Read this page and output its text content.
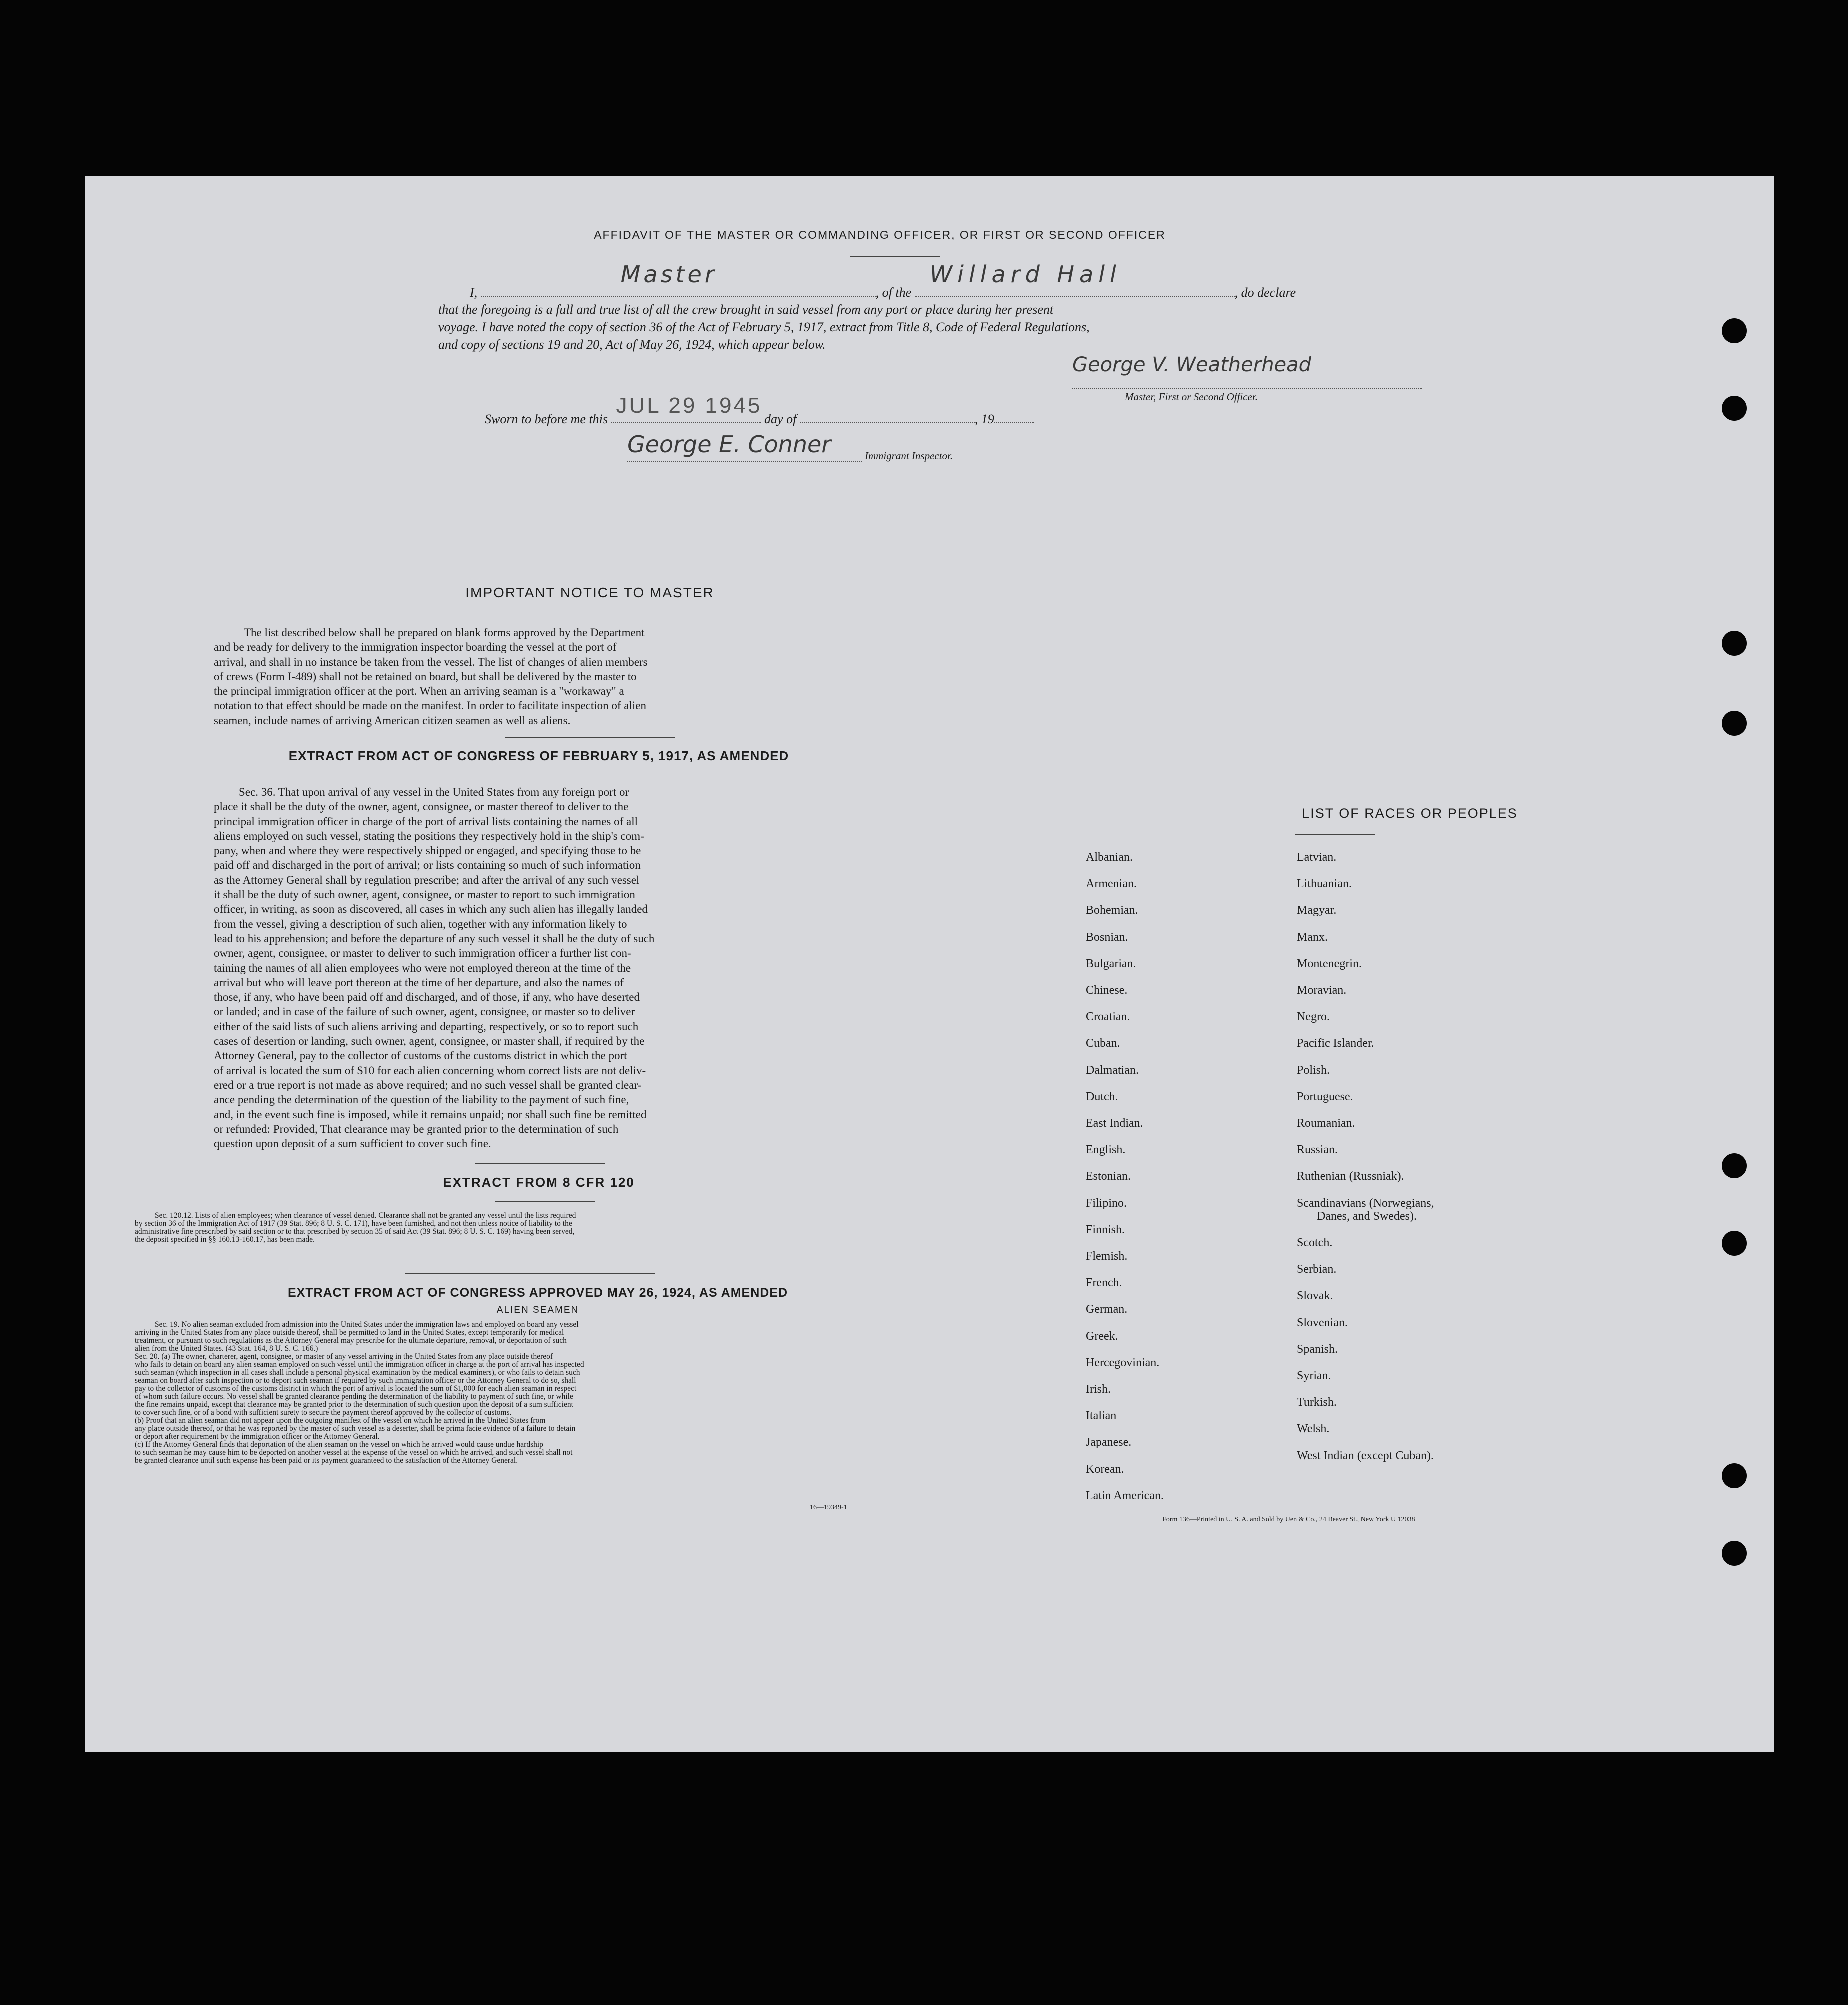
AFFIDAVIT OF THE MASTER OR COMMANDING OFFICER, OR FIRST OR SECOND OFFICER
I,
Master
, of the
Willard Hall
, do declare
that the foregoing is a full and true list of all the crew brought in said vessel from any port or place during her present
voyage. I have noted the copy of section 36 of the Act of February 5, 1917, extract from Title 8, Code of Federal Regulations,
and copy of sections 19 and 20, Act of May 26, 1924, which appear below.
George V. Weatherhead
Master, First or Second Officer.
Sworn to before me this
JUL 29 1945
day of	, 19
George E. Conner	Immigrant Inspector.
IMPORTANT NOTICE TO MASTER
The list described below shall be prepared on blank forms approved by the Department
and be ready for delivery to the immigration inspector boarding the vessel at the port of
arrival, and shall in no instance be taken from the vessel. The list of changes of alien members
of crews (Form I-489) shall not be retained on board, but shall be delivered by the master to
the principal immigration officer at the port. When an arriving seaman is a "workaway" a
notation to that effect should be made on the manifest. In order to facilitate inspection of alien
seamen, include names of arriving American citizen seamen as well as aliens.
EXTRACT FROM ACT OF CONGRESS OF FEBRUARY 5, 1917, AS AMENDED
Sec. 36. That upon arrival of any vessel in the United States from any foreign port or
place it shall be the duty of the owner, agent, consignee, or master thereof to deliver to the
principal immigration officer in charge of the port of arrival lists containing the names of all
aliens employed on such vessel, stating the positions they respectively hold in the ship's com-
pany, when and where they were respectively shipped or engaged, and specifying those to be
paid off and discharged in the port of arrival; or lists containing so much of such information
as the Attorney General shall by regulation prescribe; and after the arrival of any such vessel
it shall be the duty of such owner, agent, consignee, or master to report to such immigration
officer, in writing, as soon as discovered, all cases in which any such alien has illegally landed
from the vessel, giving a description of such alien, together with any information likely to
lead to his apprehension; and before the departure of any such vessel it shall be the duty of such
owner, agent, consignee, or master to deliver to such immigration officer a further list con-
taining the names of all alien employees who were not employed thereon at the time of the
arrival but who will leave port thereon at the time of her departure, and also the names of
those, if any, who have been paid off and discharged, and of those, if any, who have deserted
or landed; and in case of the failure of such owner, agent, consignee, or master so to deliver
either of the said lists of such aliens arriving and departing, respectively, or so to report such
cases of desertion or landing, such owner, agent, consignee, or master shall, if required by the
Attorney General, pay to the collector of customs of the customs district in which the port
of arrival is located the sum of $10 for each alien concerning whom correct lists are not deliv-
ered or a true report is not made as above required; and no such vessel shall be granted clear-
ance pending the determination of the question of the liability to the payment of such fine,
and, in the event such fine is imposed, while it remains unpaid; nor shall such fine be remitted
or refunded: Provided, That clearance may be granted prior to the determination of such
question upon deposit of a sum sufficient to cover such fine.
EXTRACT FROM 8 CFR 120
Sec. 120.12. Lists of alien employees; when clearance of vessel denied. Clearance shall not be granted any vessel until the lists required
by section 36 of the Immigration Act of 1917 (39 Stat. 896; 8 U. S. C. 171), have been furnished, and not then unless notice of liability to the
administrative fine prescribed by said section or to that prescribed by section 35 of said Act (39 Stat. 896; 8 U. S. C. 169) having been served,
the deposit specified in §§ 160.13-160.17, has been made.
EXTRACT FROM ACT OF CONGRESS APPROVED MAY 26, 1924, AS AMENDED
ALIEN SEAMEN
Sec. 19. No alien seaman excluded from admission into the United States under the immigration laws and employed on board any vessel
arriving in the United States from any place outside thereof, shall be permitted to land in the United States, except temporarily for medical
treatment, or pursuant to such regulations as the Attorney General may prescribe for the ultimate departure, removal, or deportation of such
alien from the United States. (43 Stat. 164, 8 U. S. C. 166.)
Sec. 20. (a) The owner, charterer, agent, consignee, or master of any vessel arriving in the United States from any place outside thereof
who fails to detain on board any alien seaman employed on such vessel until the immigration officer in charge at the port of arrival has inspected
such seaman (which inspection in all cases shall include a personal physical examination by the medical examiners), or who fails to detain such
seaman on board after such inspection or to deport such seaman if required by such immigration officer or the Attorney General to do so, shall
pay to the collector of customs of the customs district in which the port of arrival is located the sum of $1,000 for each alien seaman in respect
of whom such failure occurs. No vessel shall be granted clearance pending the determination of the liability to payment of such fine, or while
the fine remains unpaid, except that clearance may be granted prior to the determination of such question upon the deposit of a sum sufficient
to cover such fine, or of a bond with sufficient surety to secure the payment thereof approved by the collector of customs.
(b) Proof that an alien seaman did not appear upon the outgoing manifest of the vessel on which he arrived in the United States from
any place outside thereof, or that he was reported by the master of such vessel as a deserter, shall be prima facie evidence of a failure to detain
or deport after requirement by the immigration officer or the Attorney General.
(c) If the Attorney General finds that deportation of the alien seaman on the vessel on which he arrived would cause undue hardship
to such seaman he may cause him to be deported on another vessel at the expense of the vessel on which he arrived, and such vessel shall not
be granted clearance until such expense has been paid or its payment guaranteed to the satisfaction of the Attorney General.
16—19349-1
LIST OF RACES OR PEOPLES
Albanian.
Armenian.
Bohemian.
Bosnian.
Bulgarian.
Chinese.
Croatian.
Cuban.
Dalmatian.
Dutch.
East Indian.
English.
Estonian.
Filipino.
Finnish.
Flemish.
French.
German.
Greek.
Hercegovinian.
Irish.
Italian
Japanese.
Korean.
Latin American.
Latvian.
Lithuanian.
Magyar.
Manx.
Montenegrin.
Moravian.
Negro.
Pacific Islander.
Polish.
Portuguese.
Roumanian.
Russian.
Ruthenian (Russniak).
Scandinavians (Norwegians,
Danes, and Swedes).
Scotch.
Serbian.
Slovak.
Slovenian.
Spanish.
Syrian.
Turkish.
Welsh.
West Indian (except Cuban).
Form 136—Printed in U. S. A. and Sold by Uen & Co., 24 Beaver St., New York U 12038
